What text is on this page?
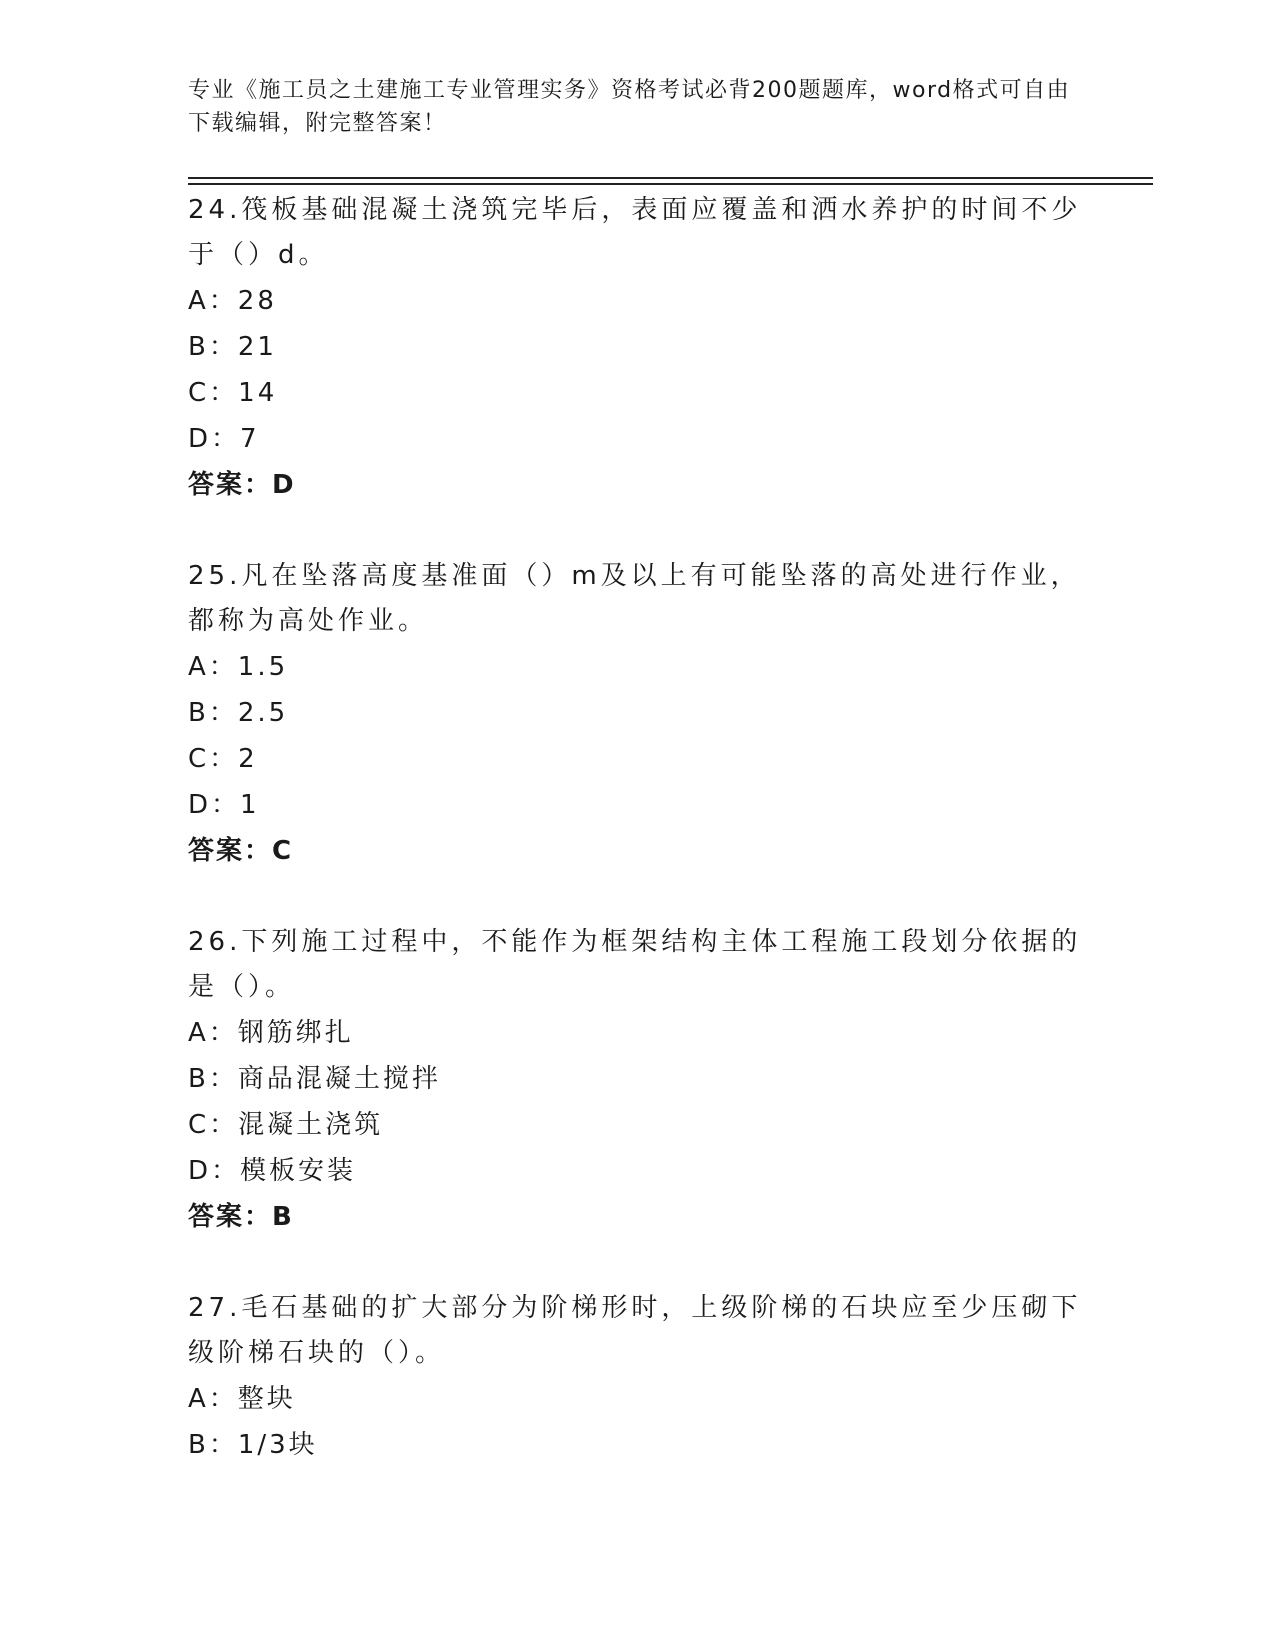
专业《施工员之土建施工专业管理实务》资格考试必背200题题库，word格式可自由下载编辑，附完整答案！

24.筏板基础混凝土浇筑完毕后，表面应覆盖和洒水养护的时间不少于（）d。

A：28

B：21

C：14

D：7

答案：D

25.凡在坠落高度基准面（）m及以上有可能坠落的高处进行作业，都称为高处作业。

A：1.5

B：2.5

C：2

D：1

答案：C

26.下列施工过程中，不能作为框架结构主体工程施工段划分依据的是（）。

A：钢筋绑扎

B：商品混凝土搅拌

C：混凝土浇筑

D：模板安装

答案：B

27.毛石基础的扩大部分为阶梯形时，上级阶梯的石块应至少压砌下级阶梯石块的（）。

A：整块

B：1/3块
